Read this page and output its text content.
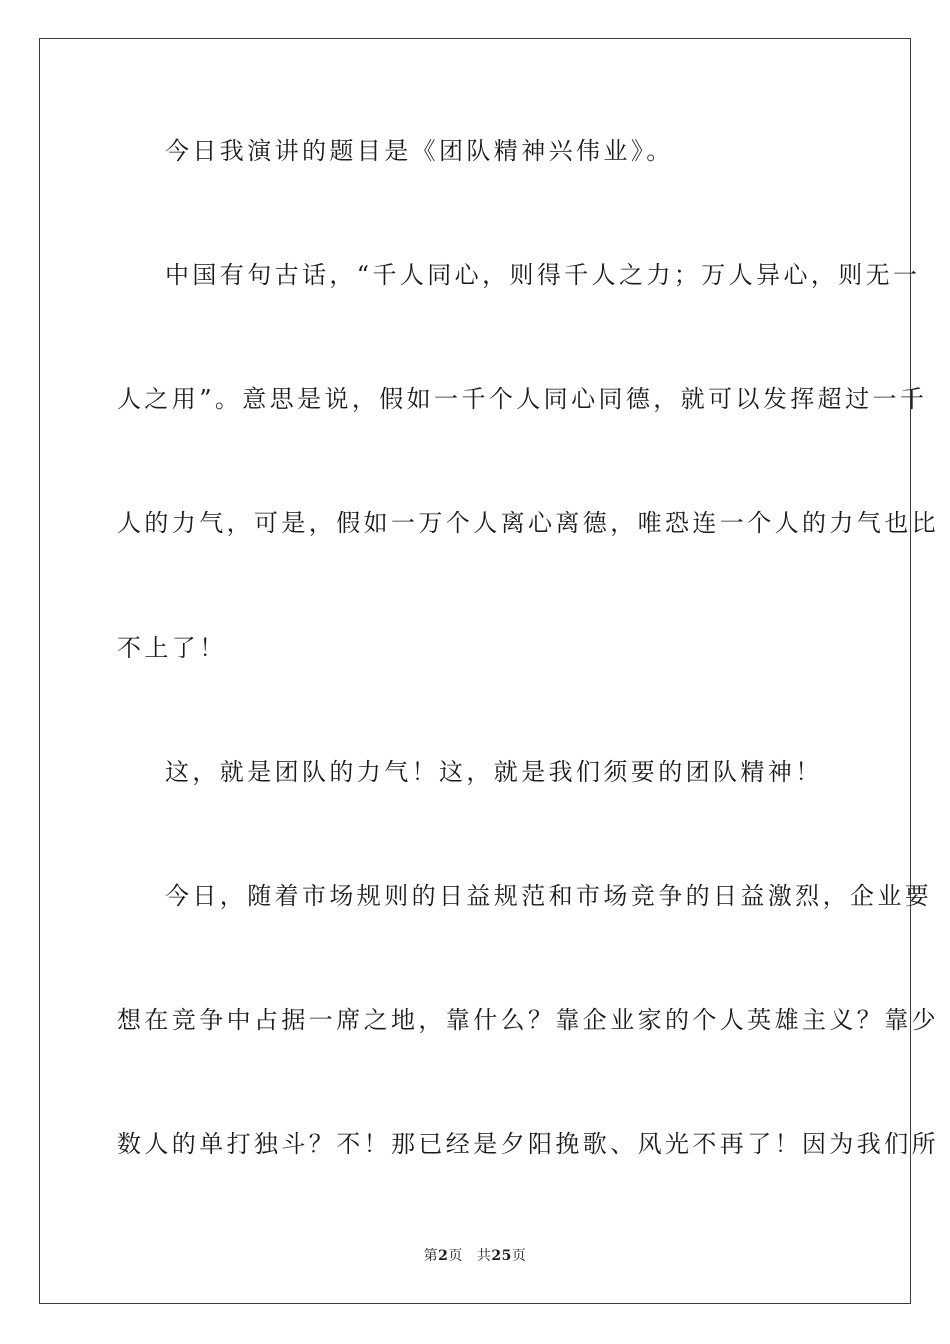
今日我演讲的题目是《团队精神兴伟业》。
中国有句古话，“千人同心，则得千人之力；万人异心，则无一
人之用”。意思是说，假如一千个人同心同德，就可以发挥超过一千
人的力气，可是，假如一万个人离心离德，唯恐连一个人的力气也比
不上了！
这，就是团队的力气！这，就是我们须要的团队精神！
今日，随着市场规则的日益规范和市场竞争的日益激烈，企业要
想在竞争中占据一席之地，靠什么？靠企业家的个人英雄主义？靠少
数人的单打独斗？不！那已经是夕阳挽歌、风光不再了！因为我们所
第2页 共25页
